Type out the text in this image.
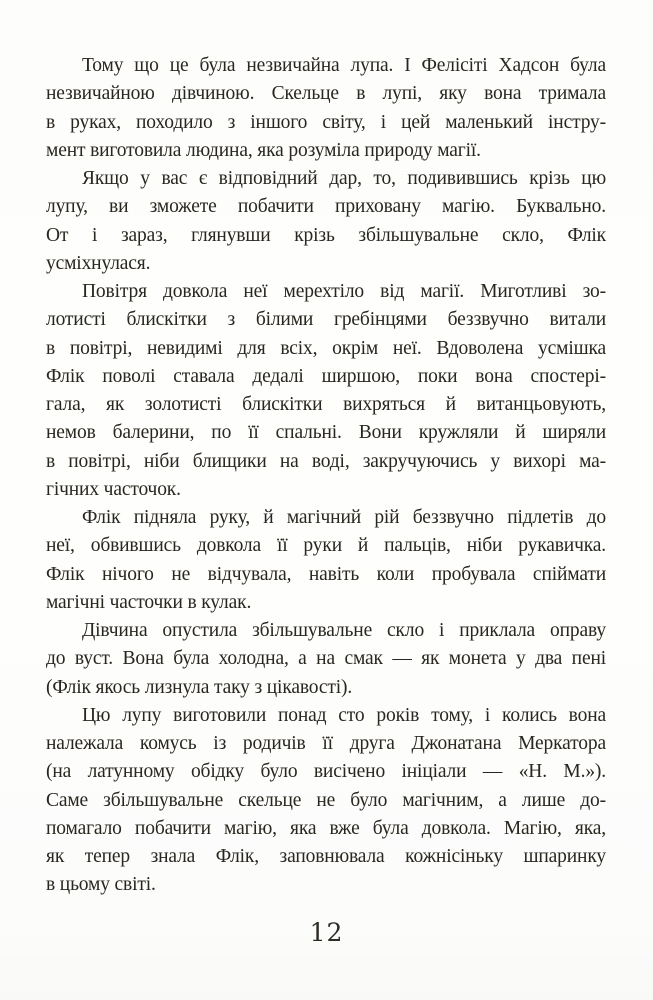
Тому що це була незвичайна лупа. І Фелісіті Хадсон була
незвичайною дівчиною. Скельце в лупі, яку вона тримала
в руках, походило з іншого світу, і цей маленький інстру-
мент виготовила людина, яка розуміла природу магії.
Якщо у вас є відповідний дар, то, подивившись крізь цю
лупу, ви зможете побачити приховану магію. Буквально.
От і зараз, глянувши крізь збільшувальне скло, Флік
усміхнулася.
Повітря довкола неї мерехтіло від магії. Миготливі зо-
лотисті блискітки з білими гребінцями беззвучно витали
в повітрі, невидимі для всіх, окрім неї. Вдоволена усмішка
Флік поволі ставала дедалі ширшою, поки вона спостері-
гала, як золотисті блискітки вихряться й витанцьовують,
немов балерини, по її спальні. Вони кружляли й ширяли
в повітрі, ніби блищики на воді, закручуючись у вихорі ма-
гічних часточок.
Флік підняла руку, й магічний рій беззвучно підлетів до
неї, обвившись довкола її руки й пальців, ніби рукавичка.
Флік нічого не відчувала, навіть коли пробувала спіймати
магічні часточки в кулак.
Дівчина опустила збільшувальне скло і приклала оправу
до вуст. Вона була холодна, а на смак — як монета у два пені
(Флік якось лизнула таку з цікавості).
Цю лупу виготовили понад сто років тому, і колись вона
належала комусь із родичів її друга Джонатана Меркатора
(на латунному обідку було висічено ініціали — «Н. М.»).
Саме збільшувальне скельце не було магічним, а лише до-
помагало побачити магію, яка вже була довкола. Магію, яка,
як тепер знала Флік, заповнювала кожнісіньку шпаринку
в цьому світі.
12
